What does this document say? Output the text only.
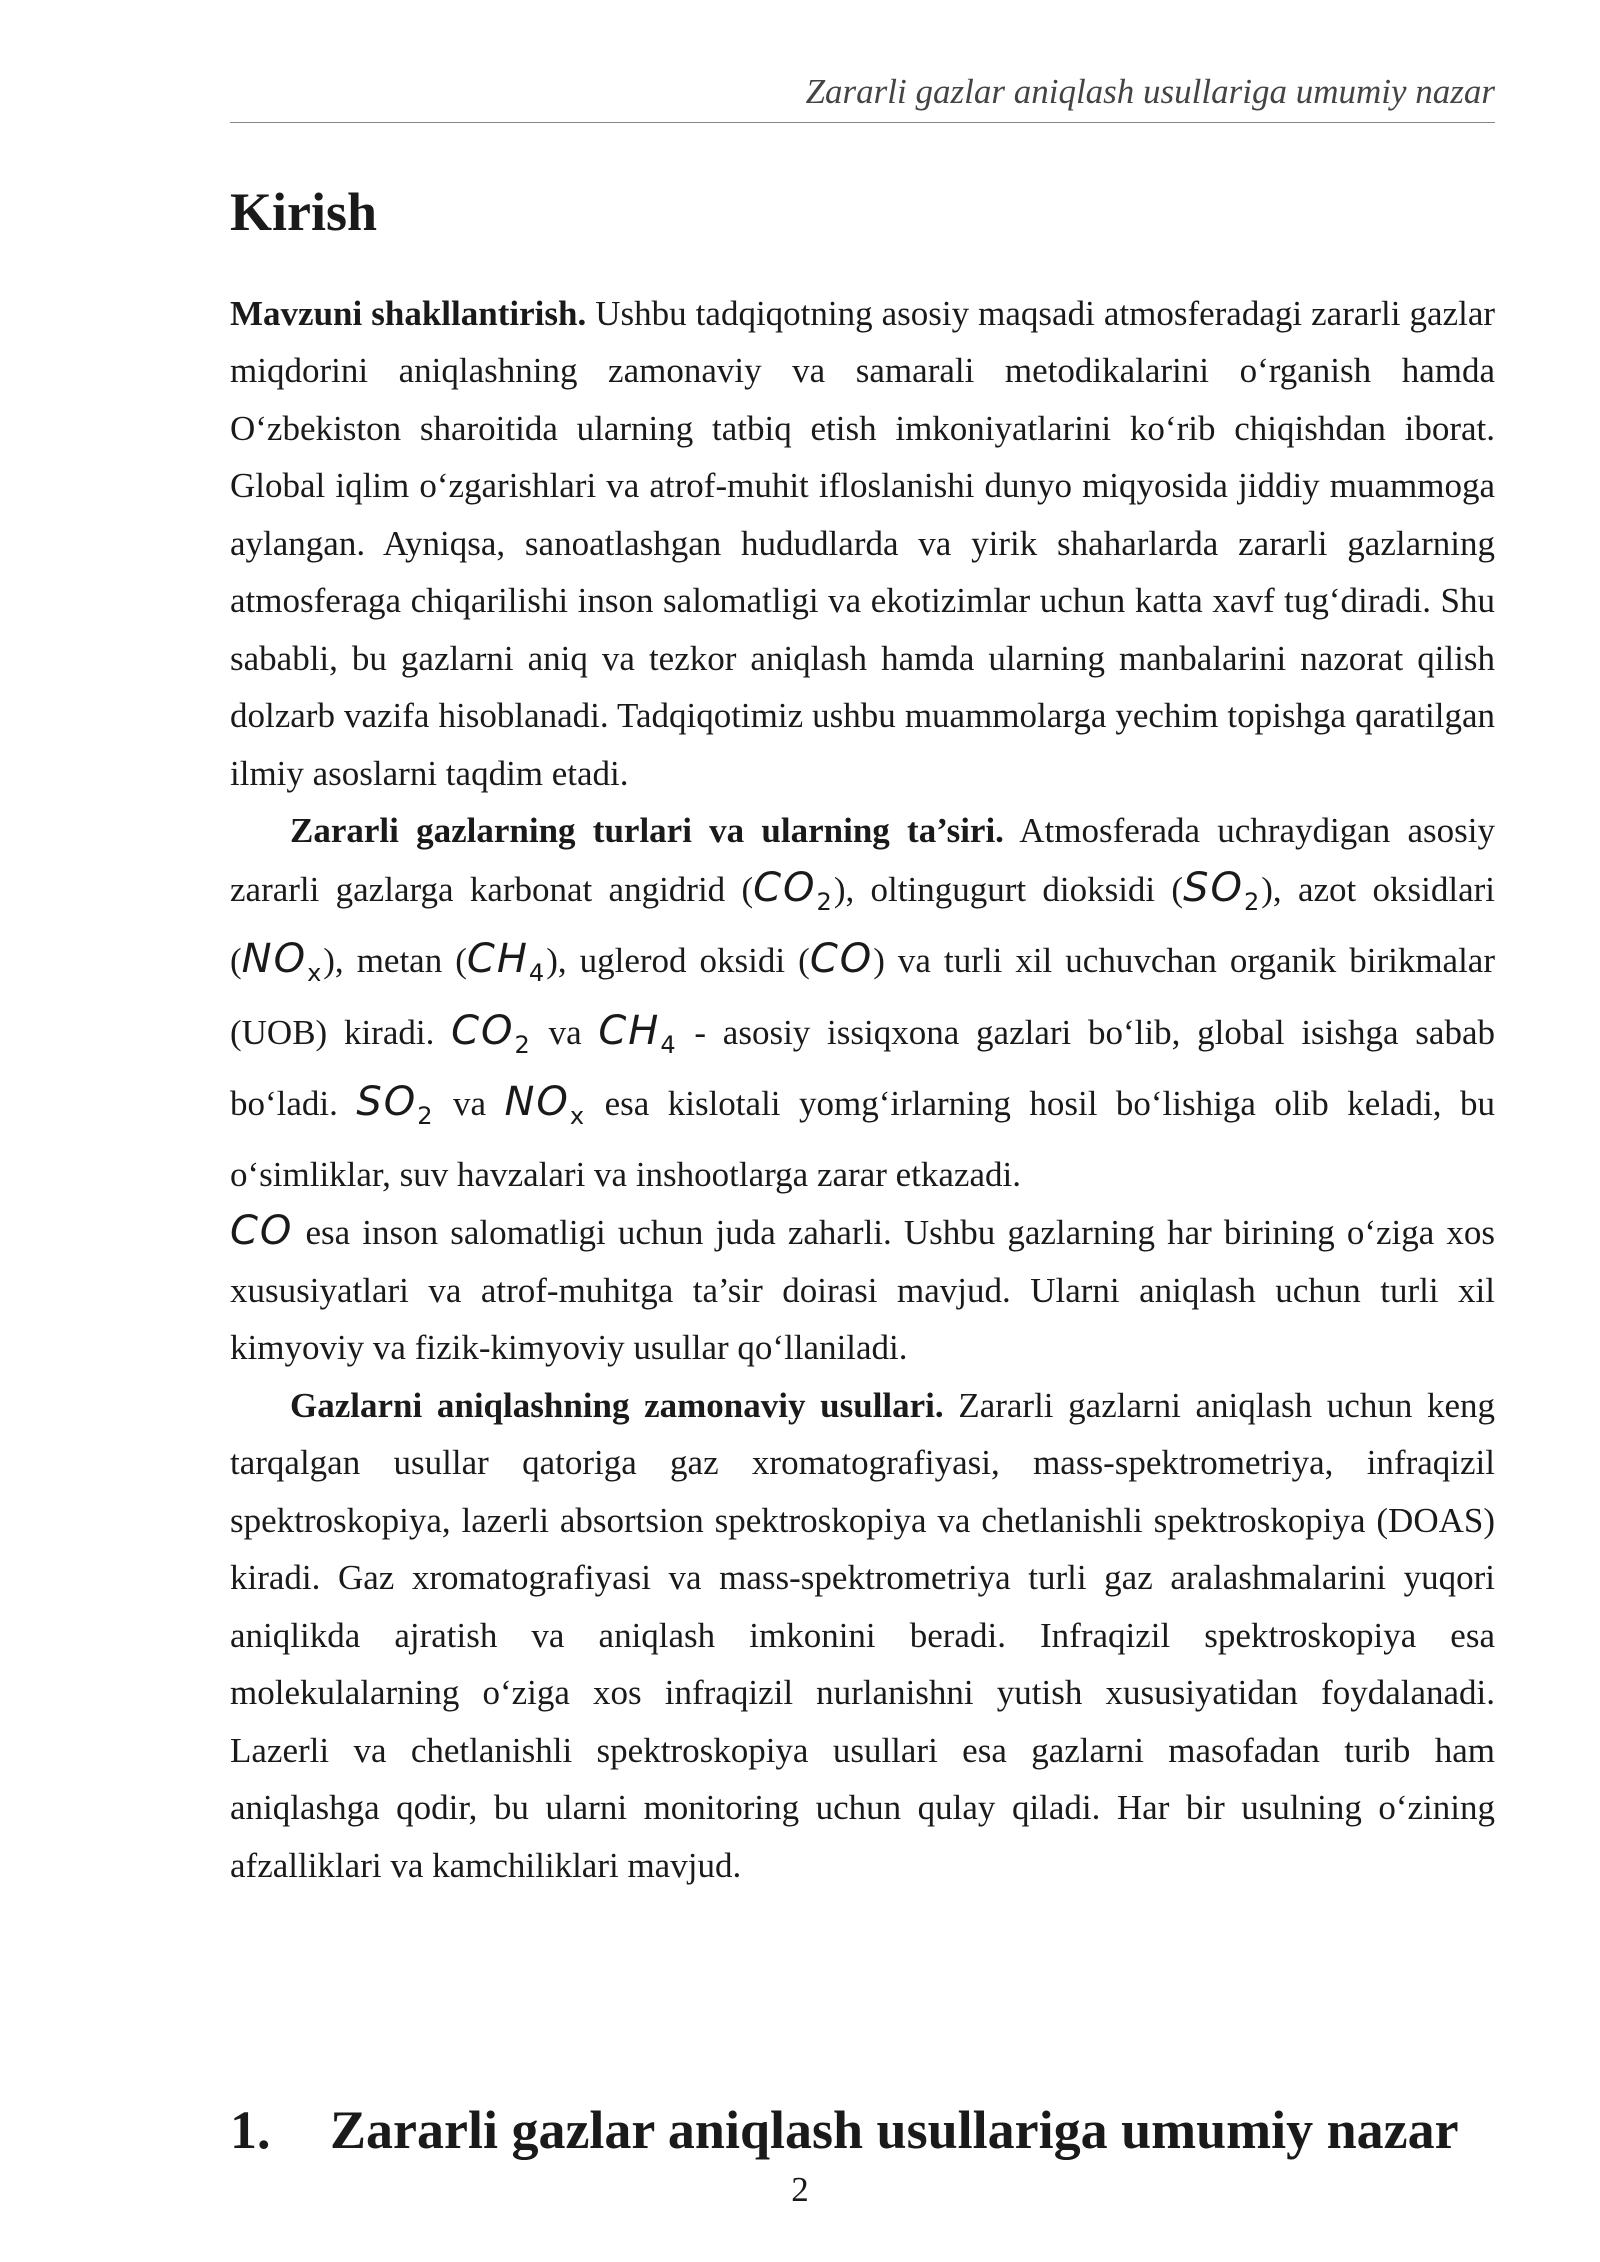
Zararli gazlar aniqlash usullariga umumiy nazar
Kirish

Mavzuni shakllantirish. Ushbu tadqiqotning asosiy maqsadi atmosferadagi zararli gazlar miqdorini aniqlashning zamonaviy va samarali metodikalarini o‘rganish hamda O‘zbekiston sharoitida ularning tatbiq etish imkoniyatlarini ko‘rib chiqishdan iborat. Global iqlim o‘zgarishlari va atrof-muhit ifloslanishi dunyo miqyosida jiddiy muammoga aylangan. Ayniqsa, sanoatlashgan hududlarda va yirik shaharlarda zararli gazlarning atmosferaga chiqarilishi inson salomatligi va ekotizimlar uchun katta xavf tug‘diradi. Shu sababli, bu gazlarni aniq va tezkor aniqlash hamda ularning manbalarini nazorat qilish dolzarb vazifa hisoblanadi. Tadqiqotimiz ushbu muammolarga yechim topishga qaratilgan ilmiy asoslarni taqdim etadi.

Zararli gazlarning turlari va ularning ta’siri. Atmosferada uchraydigan asosiy zararli gazlarga karbonat angidrid $(CO_2)$, oltingugurt dioksidi $(SO_2)$, azot oksidlari $(NO_x)$, metan $(CH_4)$, uglerod oksidi (CO) va turli xil uchuvchan organik birikmalar (UOB) kiradi. $CO_2$ va $CH_4$ - asosiy issiqxona gazlari bo‘lib, global isishga sabab bo‘ladi. $SO_2$ va $NO_x$ esa kislotali yomg‘irlarning hosil bo‘lishiga olib keladi, bu o‘simliklar, suv havzalari va inshootlarga zarar etkazadi.

CO esa inson salomatligi uchun juda zaharli. Ushbu gazlarning har birining o‘ziga xos xususiyatlari va atrof-muhitga ta’sir doirasi mavjud. Ularni aniqlash uchun turli xil kimyoviy va fizik-kimyoviy usullar qo‘llaniladi.

Gazlarni aniqlashning zamonaviy usullari. Zararli gazlarni aniqlash uchun keng tarqalgan usullar qatoriga gaz xromatografiyasi, mass-spektrometriya, infraqizil spektroskopiya, lazerli absortsion spektroskopiya va chetlanishli spektroskopiya (DOAS) kiradi. Gaz xromatografiyasi va mass-spektrometriya turli gaz aralashmalarini yuqori aniqlikda ajratish va aniqlash imkonini beradi. Infraqizil spektroskopiya esa molekulalarning o‘ziga xos infraqizil nurlanishni yutish xususiyatidan foydalanadi. Lazerli va chetlanishli spektroskopiya usullari esa gazlarni masofadan turib ham aniqlashga qodir, bu ularni monitoring uchun qulay qiladi. Har bir usulning o‘zining afzalliklari va kamchiliklari mavjud.

1. Zararli gazlar aniqlash usullariga umumiy nazar
2
